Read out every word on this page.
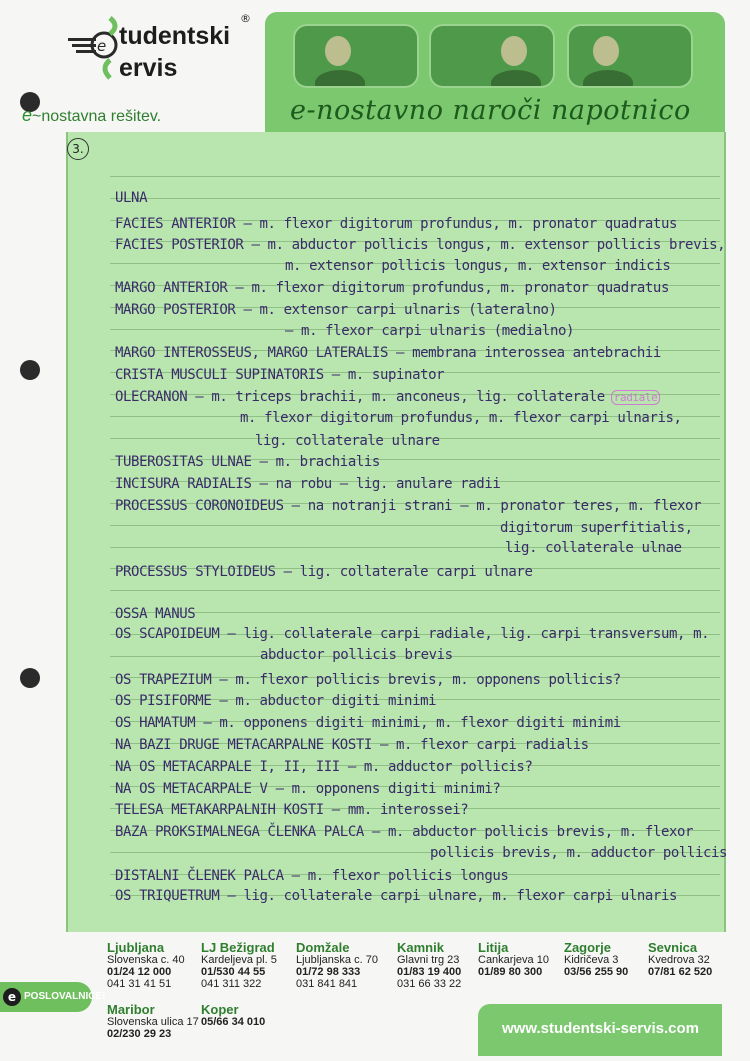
e tudentski
ervis
®
e~nostavna rešitev.	e-nostavno naroči napotnico
3.
ULNA
FACIES ANTERIOR – m. flexor digitorum profundus, m. pronator quadratus
FACIES POSTERIOR – m. abductor pollicis longus, m. extensor pollicis brevis,
m. extensor pollicis longus, m. extensor indicis
MARGO ANTERIOR – m. flexor digitorum profundus, m. pronator quadratus
MARGO POSTERIOR – m. extensor carpi ulnaris (lateralno)
– m. flexor carpi ulnaris (medialno)
MARGO INTEROSSEUS, MARGO LATERALIS – membrana interossea antebrachii
CRISTA MUSCULI SUPINATORIS – m. supinator
OLECRANON – m. triceps brachii, m. anconeus, lig. collaterale radiale
m. flexor digitorum profundus, m. flexor carpi ulnaris,
lig. collaterale ulnare
TUBEROSITAS ULNAE – m. brachialis
INCISURA RADIALIS – na robu – lig. anulare radii
PROCESSUS CORONOIDEUS – na notranji strani – m. pronator teres, m. flexor
digitorum superfitialis,
lig. collaterale ulnae
PROCESSUS STYLOIDEUS – lig. collaterale carpi ulnare
OSSA MANUS
OS SCAPOIDEUM – lig. collaterale carpi radiale, lig. carpi transversum, m.
abductor pollicis brevis
OS TRAPEZIUM – m. flexor pollicis brevis, m. opponens pollicis?
OS PISIFORME – m. abductor digiti minimi
OS HAMATUM – m. opponens digiti minimi, m. flexor digiti minimi
NA BAZI DRUGE METACARPALNE KOSTI – m. flexor carpi radialis
NA OS METACARPALE I, II, III – m. adductor pollicis?
NA OS METACARPALE V – m. opponens digiti minimi?
TELESA METAKARPALNIH KOSTI – mm. interossei?
BAZA PROKSIMALNEGA ČLENKA PALCA – m. abductor pollicis brevis, m. flexor
pollicis brevis, m. adductor pollicis
DISTALNI ČLENEK PALCA – m. flexor pollicis longus
OS TRIQUETRUM – lig. collaterale carpi ulnare, m. flexor carpi ulnaris
Ljubljana
Slovenska c. 40
01/24 12 000
041 31 41 51
LJ Bežigrad
Kardeljeva pl. 5
01/530 44 55
041 311 322
Domžale
Ljubljanska c. 70
01/72 98 333
031 841 841
Kamnik
Glavni trg 23
01/83 19 400
031 66 33 22
Litija
Cankarjeva 10
01/89 80 300
Zagorje
Kidričeva 3
03/56 255 90
Sevnica
Kvedrova 32
07/81 62 520
Maribor
Slovenska ulica 17
02/230 29 23
Koper
05/66 34 010
e POSLOVALNICE!
www.studentski-servis.com
